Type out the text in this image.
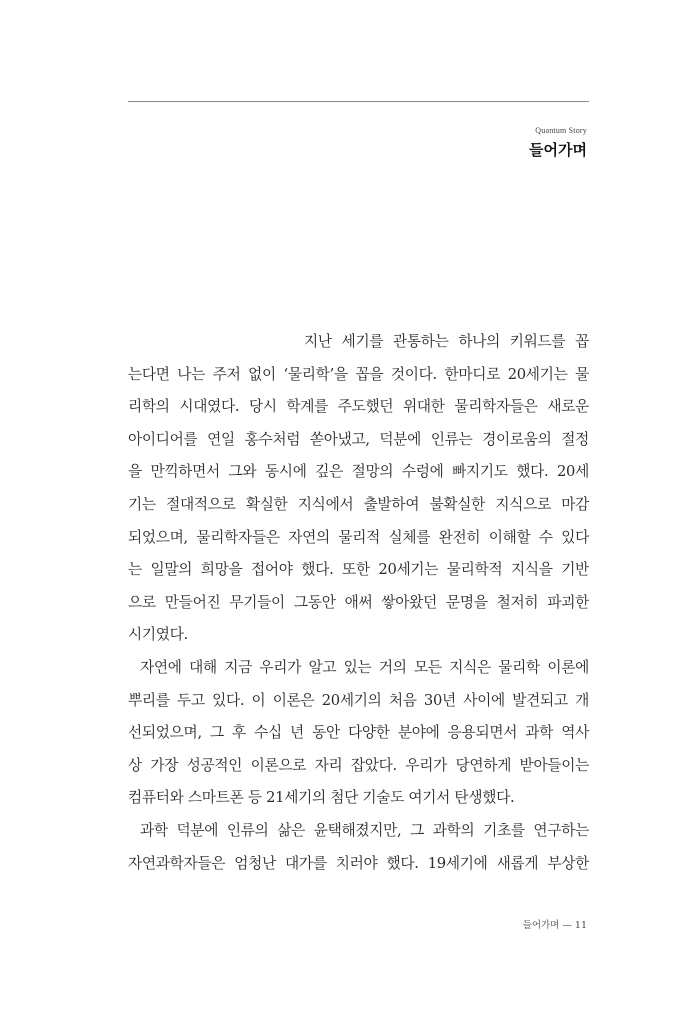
Quantum Story
들어가며
지난 세기를 관통하는 하나의 키워드를 꼽
는다면 나는 주저 없이 ‘물리학’을 꼽을 것이다. 한마디로 20세기는 물
리학의 시대였다. 당시 학계를 주도했던 위대한 물리학자들은 새로운
아이디어를 연일 홍수처럼 쏟아냈고, 덕분에 인류는 경이로움의 절정
을 만끽하면서 그와 동시에 깊은 절망의 수렁에 빠지기도 했다. 20세
기는 절대적으로 확실한 지식에서 출발하여 불확실한 지식으로 마감
되었으며, 물리학자들은 자연의 물리적 실체를 완전히 이해할 수 있다
는 일말의 희망을 접어야 했다. 또한 20세기는 물리학적 지식을 기반
으로 만들어진 무기들이 그동안 애써 쌓아왔던 문명을 철저히 파괴한
시기였다.
자연에 대해 지금 우리가 알고 있는 거의 모든 지식은 물리학 이론에
뿌리를 두고 있다. 이 이론은 20세기의 처음 30년 사이에 발견되고 개
선되었으며, 그 후 수십 년 동안 다양한 분야에 응용되면서 과학 역사
상 가장 성공적인 이론으로 자리 잡았다. 우리가 당연하게 받아들이는
컴퓨터와 스마트폰 등 21세기의 첨단 기술도 여기서 탄생했다.
과학 덕분에 인류의 삶은 윤택해졌지만, 그 과학의 기초를 연구하는
자연과학자들은 엄청난 대가를 치러야 했다. 19세기에 새롭게 부상한
들어가며 — 11
